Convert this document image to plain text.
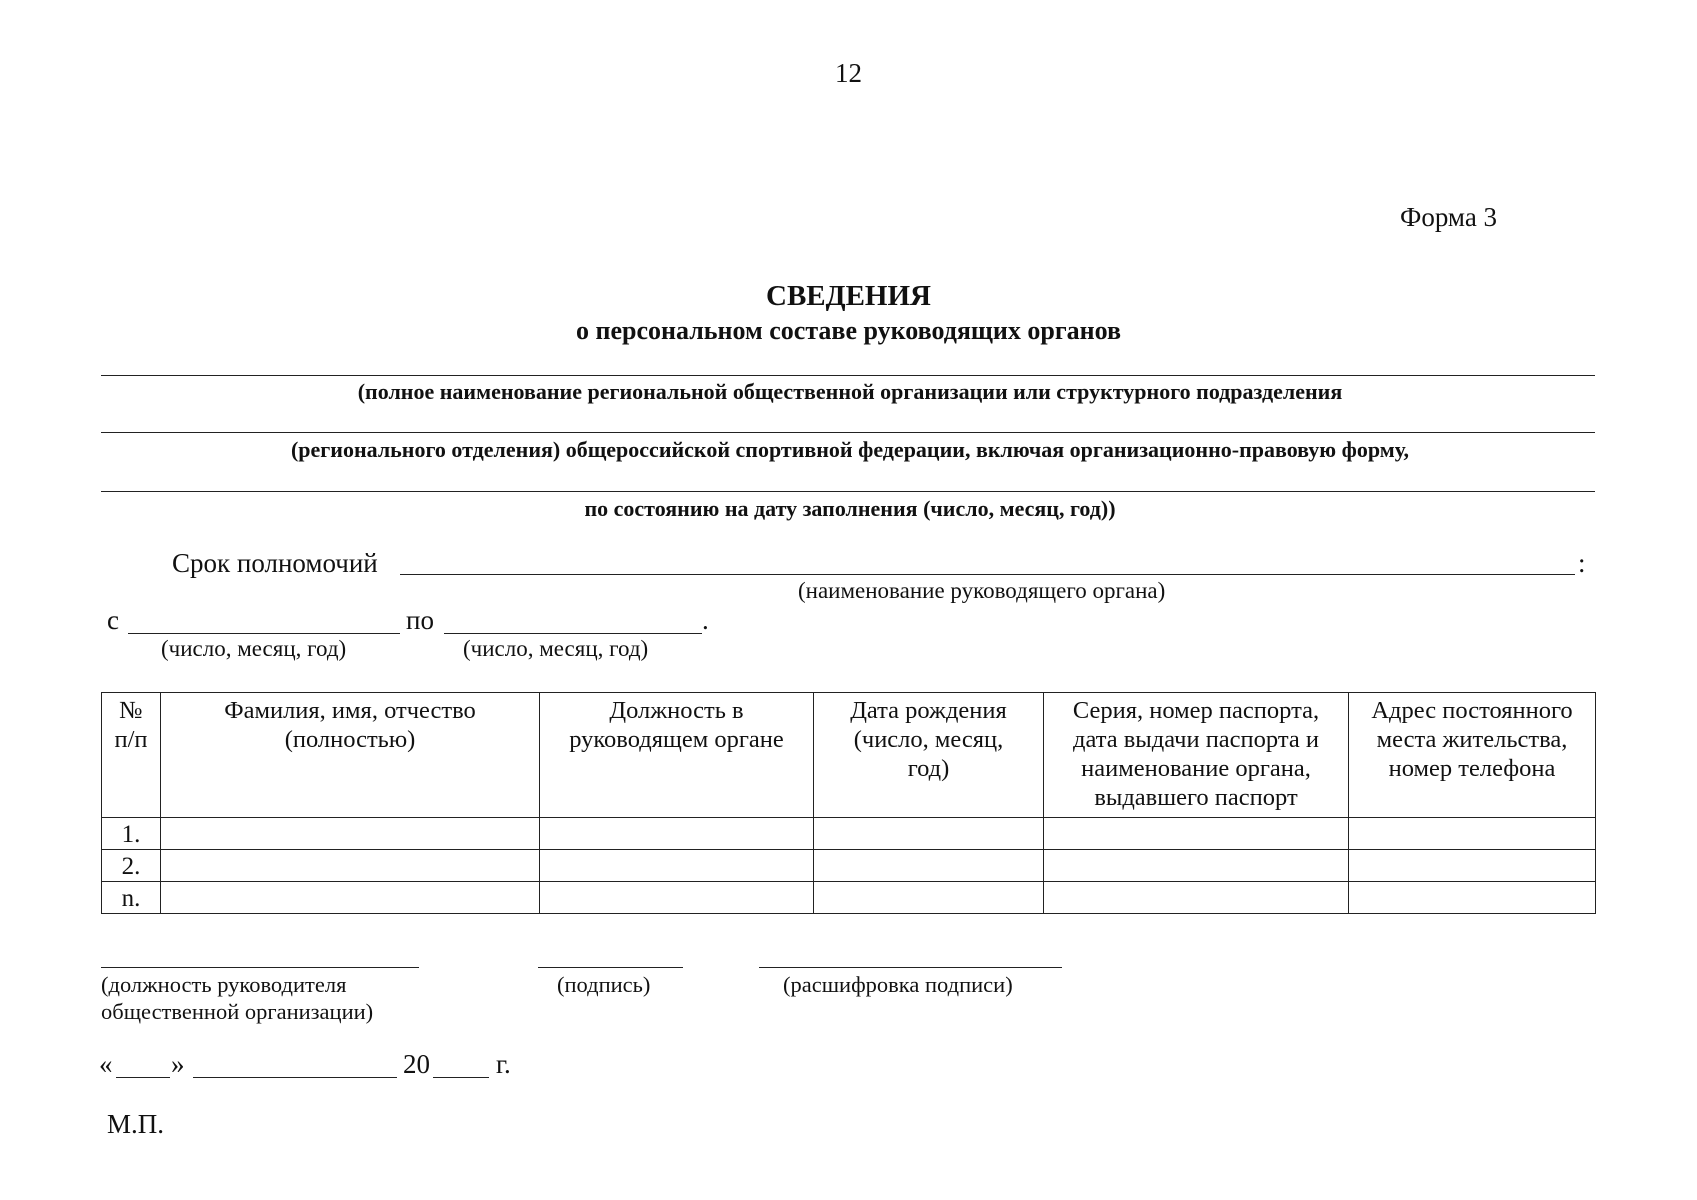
12
Форма 3
СВЕДЕНИЯ
о персональном составе руководящих органов
(полное наименование региональной общественной организации или структурного подразделения
(регионального отделения) общероссийской спортивной федерации, включая организационно-правовую форму,
по состоянию на дату заполнения (число, месяц, год))
Срок полномочий	:
(наименование руководящего органа)
с	по	.
(число, месяц, год)	(число, месяц, год)
№ п/п	Фамилия, имя, отчество (полностью)	Должность в руководящем органе	Дата рождения (число, месяц, год)	Серия, номер паспорта, дата выдачи паспорта и наименование органа, выдавшего паспорт	Адрес постоянного места жительства, номер телефона

1.					
2.					
n.					
(должность руководителя
общественной организации)
(подпись)	(расшифровка подписи)
« »	20 г.
М.П.
